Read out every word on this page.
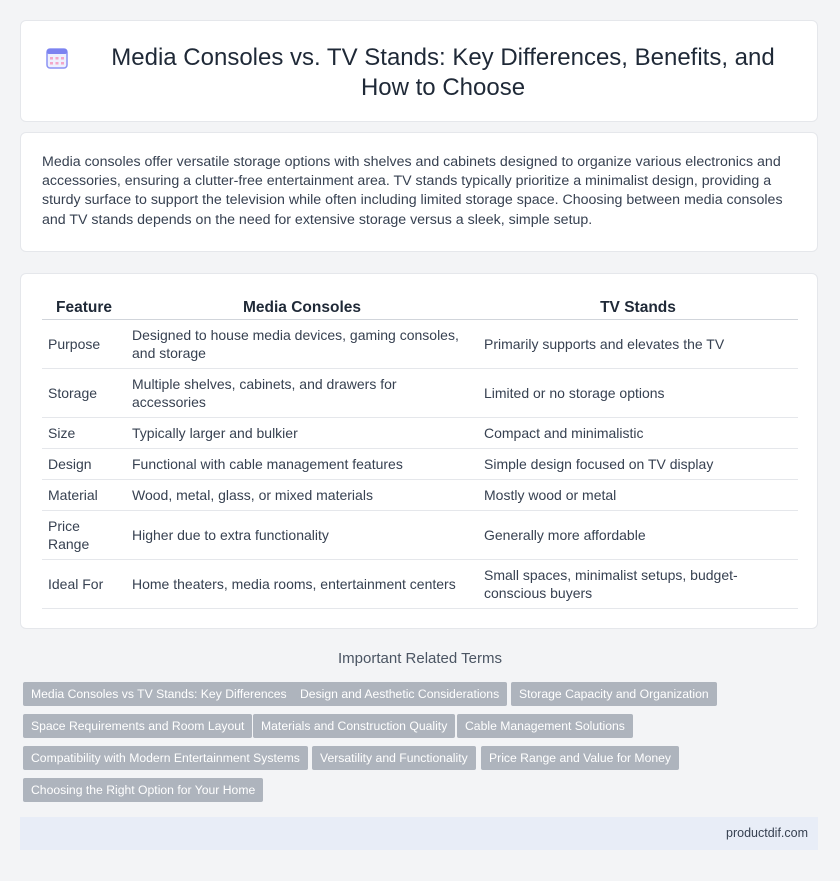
Media Consoles vs. TV Stands: Key Differences, Benefits, and How to Choose

Media consoles offer versatile storage options with shelves and cabinets designed to organize various electronics and accessories, ensuring a clutter-free entertainment area. TV stands typically prioritize a minimalist design, providing a sturdy surface to support the television while often including limited storage space. Choosing between media consoles and TV stands depends on the need for extensive storage versus a sleek, simple setup.

Feature	Media Consoles	TV Stands
Purpose	Designed to house media devices, gaming consoles, and storage	Primarily supports and elevates the TV
Storage	Multiple shelves, cabinets, and drawers for accessories	Limited or no storage options
Size	Typically larger and bulkier	Compact and minimalistic
Design	Functional with cable management features	Simple design focused on TV display
Material	Wood, metal, glass, or mixed materials	Mostly wood or metal
Price Range	Higher due to extra functionality	Generally more affordable
Ideal For	Home theaters, media rooms, entertainment centers	Small spaces, minimalist setups, budget-conscious buyers
Important Related Terms
Media Consoles vs TV Stands: Key Differences	Design and Aesthetic Considerations	Storage Capacity and Organization
Space Requirements and Room Layout	Materials and Construction Quality	Cable Management Solutions
Compatibility with Modern Entertainment Systems	Versatility and Functionality	Price Range and Value for Money
Choosing the Right Option for Your Home
productdif.com
